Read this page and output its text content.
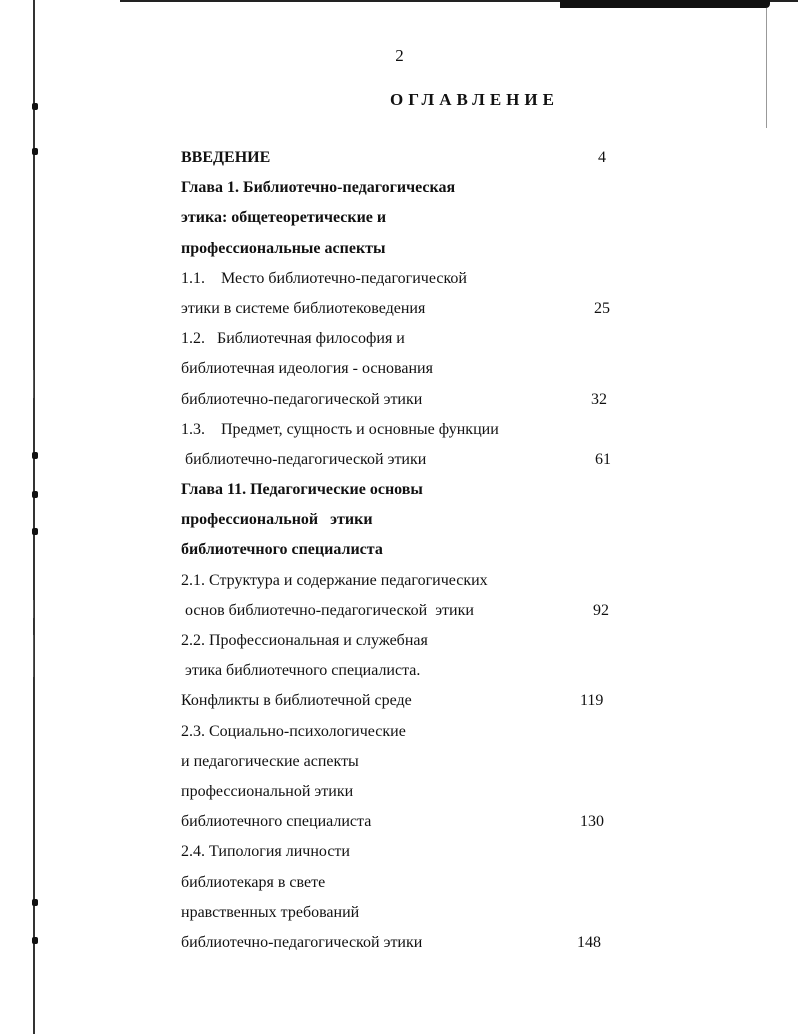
2
ОГЛАВЛЕНИЕ
ВВЕДЕНИЕ	4
Глава 1. Библиотечно-педагогическая
этика: общетеоретические и
профессиональные аспекты
1.1.    Место библиотечно-педагогической
этики в системе библиотековедения	25
1.2.   Библиотечная философия и
библиотечная идеология - основания
библиотечно-педагогической этики	32
1.3.    Предмет, сущность и основные функции
библиотечно-педагогической этики	61
Глава 11. Педагогические основы
профессиональной   этики
библиотечного специалиста
2.1. Структура и содержание педагогических
основ библиотечно-педагогической  этики	92
2.2. Профессиональная и служебная
этика библиотечного специалиста.
Конфликты в библиотечной среде	119
2.3. Социально-психологические
и педагогические аспекты
профессиональной этики
библиотечного специалиста	130
2.4. Типология личности
библиотекаря в свете
нравственных требований
библиотечно-педагогической этики	148
